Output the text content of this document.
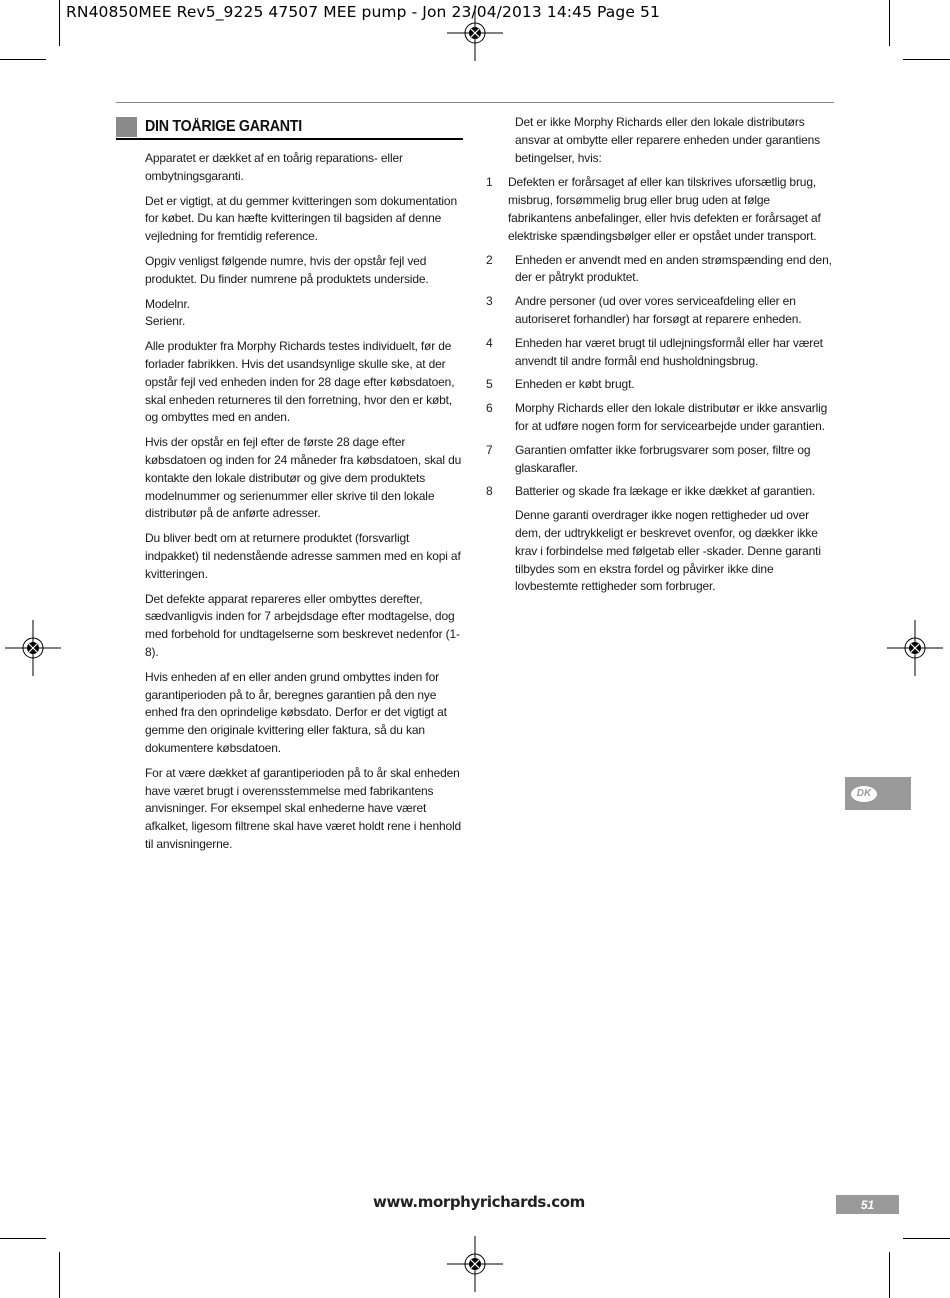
RN40850MEE Rev5_9225 47507 MEE pump - Jon 23/04/2013 14:45 Page 51
DIN TOÅRIGE GARANTI

Apparatet er dækket af en toårig reparations- eller ombytningsgaranti.

Det er vigtigt, at du gemmer kvitteringen som dokumentation for købet. Du kan hæfte kvitteringen til bagsiden af denne vejledning for fremtidig reference.

Opgiv venligst følgende numre, hvis der opstår fejl ved produktet. Du finder numrene på produktets underside.

Modelnr.

Serienr.

Alle produkter fra Morphy Richards testes individuelt, før de forlader fabrikken. Hvis det usandsynlige skulle ske, at der opstår fejl ved enheden inden for 28 dage efter købsdatoen, skal enheden returneres til den forretning, hvor den er købt, og ombyttes med en anden.

Hvis der opstår en fejl efter de første 28 dage efter købsdatoen og inden for 24 måneder fra købsdatoen, skal du kontakte den lokale distributør og give dem produktets modelnummer og serienummer eller skrive til den lokale distributør på de anførte adresser.

Du bliver bedt om at returnere produktet (forsvarligt indpakket) til nedenstående adresse sammen med en kopi af kvitteringen.

Det defekte apparat repareres eller ombyttes derefter, sædvanligvis inden for 7 arbejdsdage efter modtagelse, dog med forbehold for undtagelserne som beskrevet nedenfor (1-8).

Hvis enheden af en eller anden grund ombyttes inden for garantiperioden på to år, beregnes garantien på den nye enhed fra den oprindelige købsdato. Derfor er det vigtigt at gemme den originale kvittering eller faktura, så du kan dokumentere købsdatoen.

For at være dækket af garantiperioden på to år skal enheden have været brugt i overensstemmelse med fabrikantens anvisninger. For eksempel skal enhederne have været afkalket, ligesom filtrene skal have været holdt rene i henhold til anvisningerne.

Det er ikke Morphy Richards eller den lokale distributørs ansvar at ombytte eller reparere enheden under garantiens betingelser, hvis:

1	Defekten er forårsaget af eller kan tilskrives uforsætlig brug, misbrug, forsømmelig brug eller brug uden at følge fabrikantens anbefalinger, eller hvis defekten er forårsaget af elektriske spændingsbølger eller er opstået under transport.
2	Enheden er anvendt med en anden strømspænding end den, der er påtrykt produktet.
3	Andre personer (ud over vores serviceafdeling eller en autoriseret forhandler) har forsøgt at reparere enheden.
4	Enheden har været brugt til udlejningsformål eller har været anvendt til andre formål end husholdningsbrug.
5	Enheden er købt brugt.
6	Morphy Richards eller den lokale distributør er ikke ansvarlig for at udføre nogen form for servicearbejde under garantien.
7	Garantien omfatter ikke forbrugsvarer som poser, filtre og glaskarafler.
8	Batterier og skade fra lækage er ikke dækket af garantien.

Denne garanti overdrager ikke nogen rettigheder ud over dem, der udtrykkeligt er beskrevet ovenfor, og dækker ikke krav i forbindelse med følgetab eller -skader. Denne garanti tilbydes som en ekstra fordel og påvirker ikke dine lovbestemte rettigheder som forbruger.

DK
www.morphyrichards.com	51
